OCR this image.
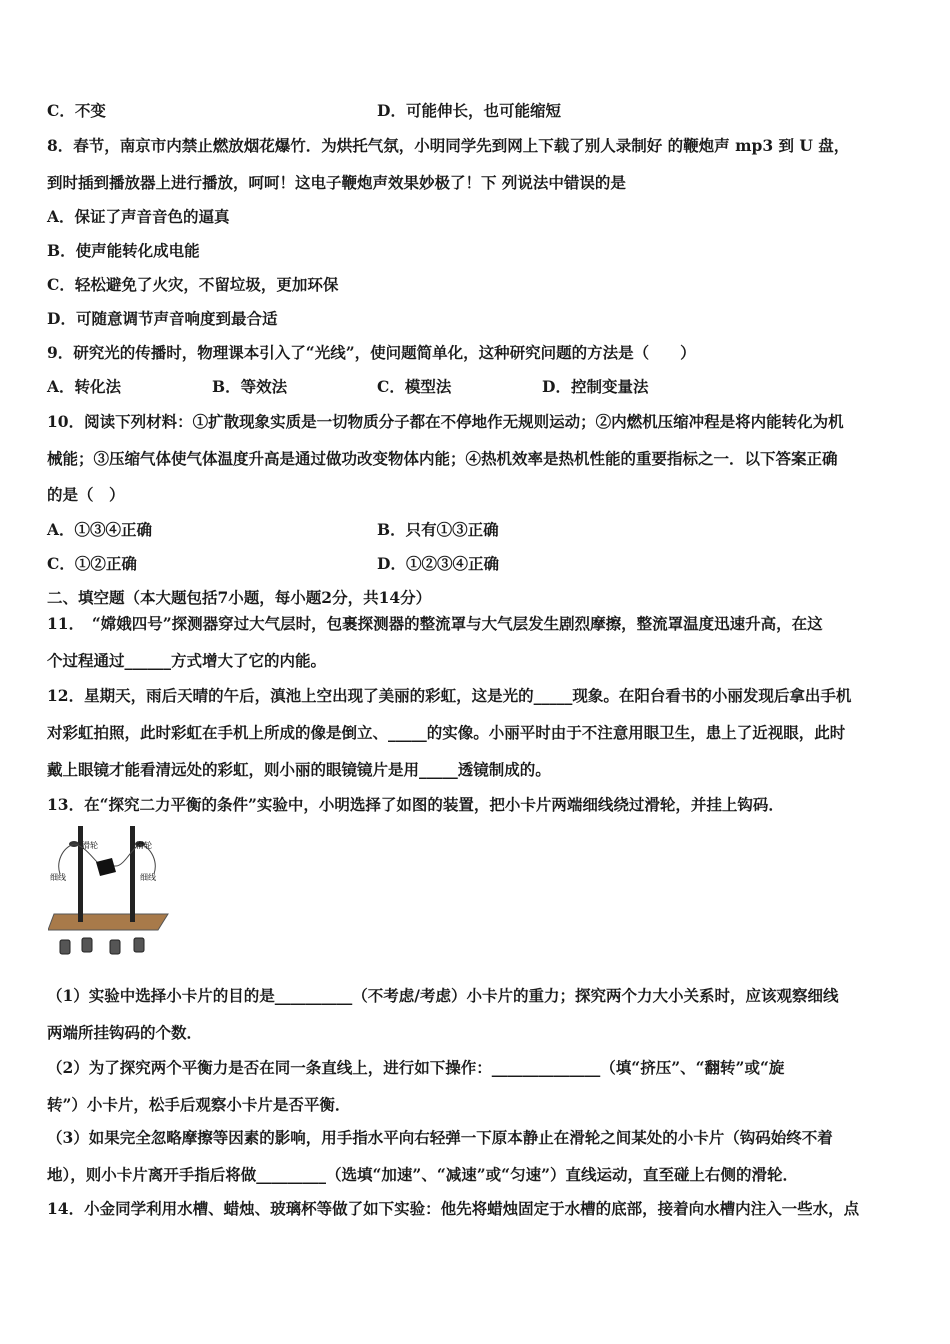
C．不变	D．可能伸长，也可能缩短
8．春节，南京市内禁止燃放烟花爆竹．为烘托气氛，小明同学先到网上下载了别人录制好 的鞭炮声 mp3 到 U 盘，
到时插到播放器上进行播放，呵呵！这电子鞭炮声效果妙极了！下 列说法中错误的是
A．保证了声音音色的逼真
B．使声能转化成电能
C．轻松避免了火灾，不留垃圾，更加环保
D．可随意调节声音响度到最合适
9．研究光的传播时，物理课本引入了“光线”，使问题简单化，这种研究问题的方法是（　　）
A．转化法	B．等效法	C．模型法	D．控制变量法
10．阅读下列材料：①扩散现象实质是一切物质分子都在不停地作无规则运动；②内燃机压缩冲程是将内能转化为机
械能；③压缩气体使气体温度升高是通过做功改变物体内能；④热机效率是热机性能的重要指标之一．以下答案正确
的是（　）
A．①③④正确	B．只有①③正确
C．①②正确	D．①②③④正确
二、填空题（本大题包括7小题，每小题2分，共14分）
11．　“嫦娥四号”探测器穿过大气层时，包裹探测器的整流罩与大气层发生剧烈摩擦，整流罩温度迅速升高，在这
个过程通过______方式增大了它的内能。
12．星期天，雨后天晴的午后，滇池上空出现了美丽的彩虹，这是光的_____现象。在阳台看书的小丽发现后拿出手机
对彩虹拍照，此时彩虹在手机上所成的像是倒立、_____的实像。小丽平时由于不注意用眼卫生，患上了近视眼，此时
戴上眼镜才能看清远处的彩虹，则小丽的眼镜镜片是用_____透镜制成的。
13．在“探究二力平衡的条件”实验中，小明选择了如图的装置，把小卡片两端细线绕过滑轮，并挂上钩码．
滑轮	滑轮
细线	细线
（1）实验中选择小卡片的目的是__________（不考虑/考虑）小卡片的重力；探究两个力大小关系时，应该观察细线
两端所挂钩码的个数．
（2）为了探究两个平衡力是否在同一条直线上，进行如下操作：______________（填“挤压”、“翻转”或“旋
转”）小卡片，松手后观察小卡片是否平衡．
（3）如果完全忽略摩擦等因素的影响，用手指水平向右轻弹一下原本静止在滑轮之间某处的小卡片（钩码始终不着
地），则小卡片离开手指后将做_________（选填“加速”、“减速”或“匀速”）直线运动，直至碰上右侧的滑轮．
14．小金同学利用水槽、蜡烛、玻璃杯等做了如下实验：他先将蜡烛固定于水槽的底部，接着向水槽内注入一些水，点
